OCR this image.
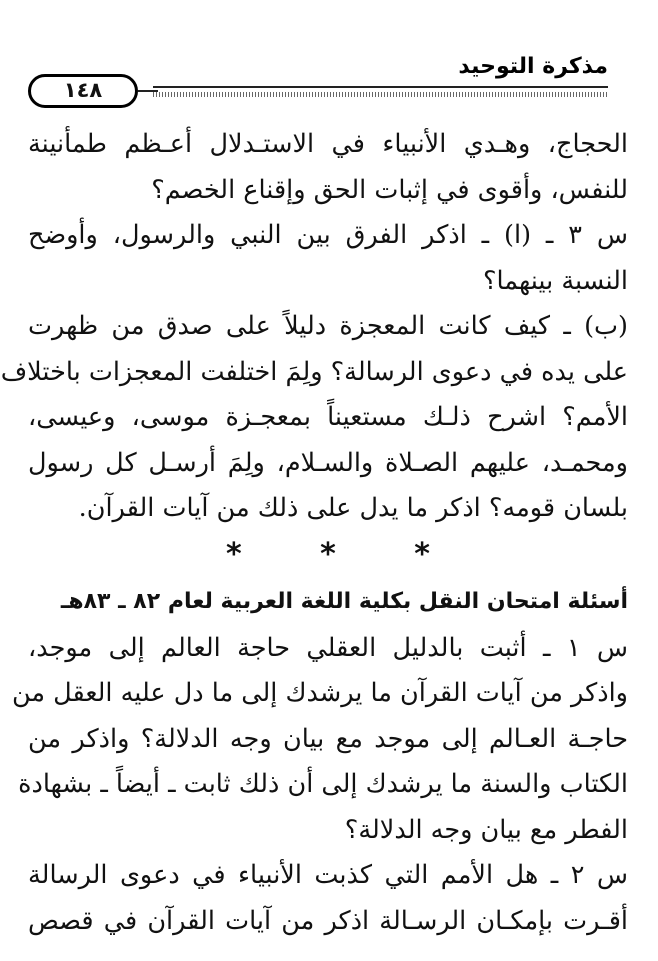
مذكرة التوحيد
١٤٨

الحجاج، وهـدي الأنبياء في الاستـدلال أعـظم طمأنينة
للنفس، وأقوى في إثبات الحق وإقناع الخصم؟

س ٣ ـ (ا) ـ اذكر الفرق بين النبي والرسول، وأوضح
النسبة بينهما؟

(ب) ـ كيف كانت المعجزة دليلاً على صدق من ظهرت
على يده في دعوى الرسالة؟ ولِمَ اختلفت المعجزات باختلاف
الأمم؟ اشرح ذلـك مستعيناً بمعجـزة موسى، وعيسى،
ومحمـد، عليهم الصـلاة والسـلام، ولِمَ أرسـل كل رسول
بلسان قومه؟ اذكر ما يدل على ذلك من آيات القرآن.

* * *

أسئلة امتحان النقل بكلية اللغة العربية لعام ٨٢ ـ ٨٣هـ

س ١ ـ أثبت بالدليل العقلي حاجة العالم إلى موجد،
واذكر من آيات القرآن ما يرشدك إلى ما دل عليه العقل من
حاجـة العـالم إلى موجد مع بيان وجه الدلالة؟ واذكر من
الكتاب والسنة ما يرشدك إلى أن ذلك ثابت ـ أيضاً ـ بشهادة
الفطر مع بيان وجه الدلالة؟

س ٢ ـ هل الأمم التي كذبت الأنبياء في دعوى الرسالة
أقـرت بإمكـان الرسـالة اذكر من آيات القرآن في قصص
